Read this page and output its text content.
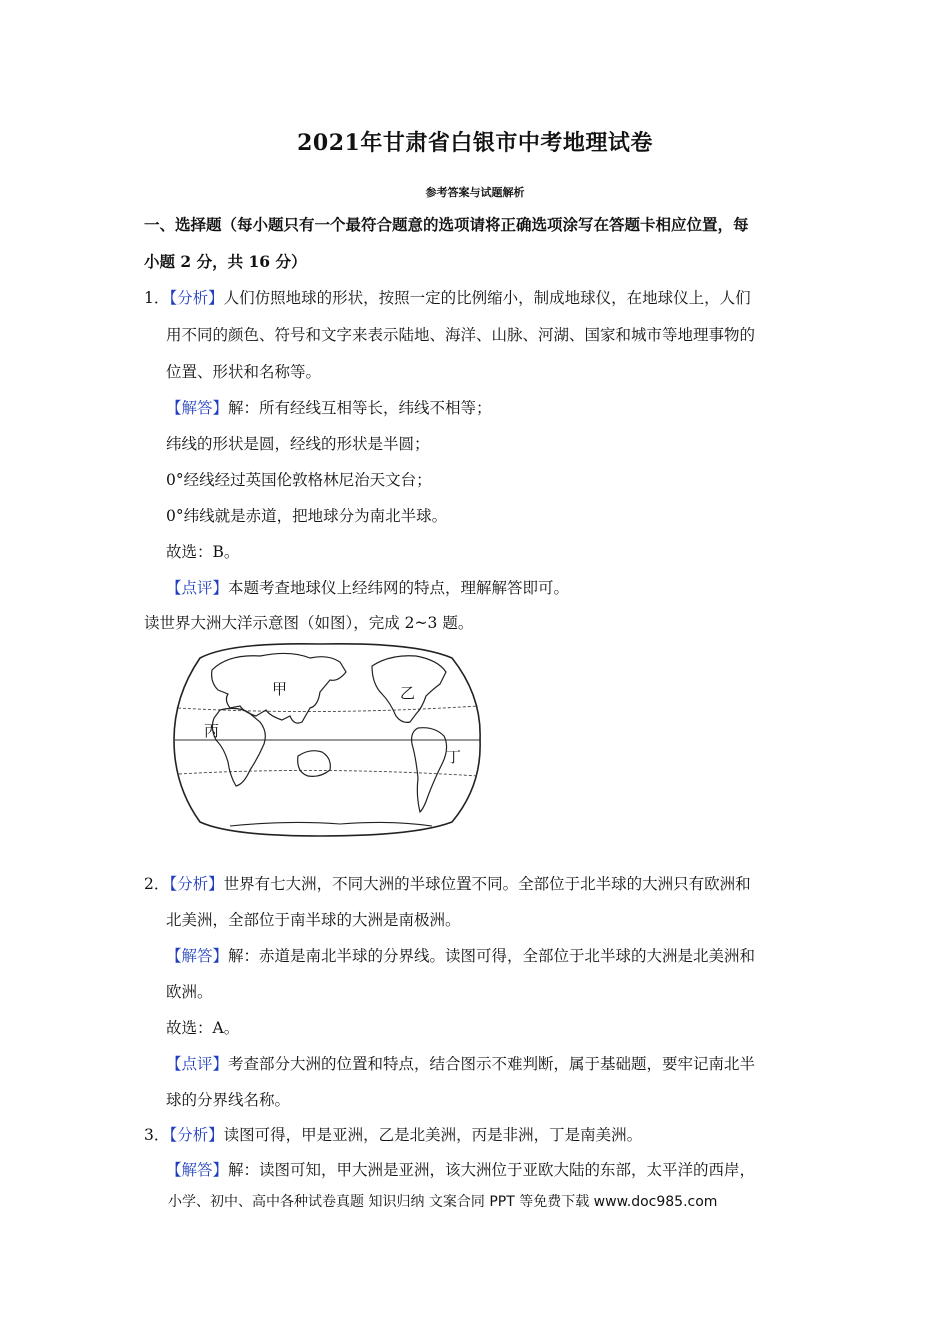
2021年甘肃省白银市中考地理试卷
参考答案与试题解析
一、选择题（每小题只有一个最符合题意的选项请将正确选项涂写在答题卡相应位置，每
小题 2 分，共 16 分）
1．【分析】人们仿照地球的形状，按照一定的比例缩小，制成地球仪，在地球仪上，人们
用不同的颜色、符号和文字来表示陆地、海洋、山脉、河湖、国家和城市等地理事物的
位置、形状和名称等。
【解答】解：所有经线互相等长，纬线不相等；
纬线的形状是圆，经线的形状是半圆；
0°经线经过英国伦敦格林尼治天文台；
0°纬线就是赤道，把地球分为南北半球。
故选：B。
【点评】本题考查地球仪上经纬网的特点，理解解答即可。
读世界大洲大洋示意图（如图），完成 2~3 题。
甲	乙
丙
丁
2．【分析】世界有七大洲，不同大洲的半球位置不同。全部位于北半球的大洲只有欧洲和
北美洲，全部位于南半球的大洲是南极洲。
【解答】解：赤道是南北半球的分界线。读图可得，全部位于北半球的大洲是北美洲和
欧洲。
故选：A。
【点评】考查部分大洲的位置和特点，结合图示不难判断，属于基础题，要牢记南北半
球的分界线名称。
3．【分析】读图可得，甲是亚洲，乙是北美洲，丙是非洲，丁是南美洲。
【解答】解：读图可知，甲大洲是亚洲，该大洲位于亚欧大陆的东部，太平洋的西岸，
小学、初中、高中各种试卷真题 知识归纳 文案合同 PPT 等免费下载 www.doc985.com
